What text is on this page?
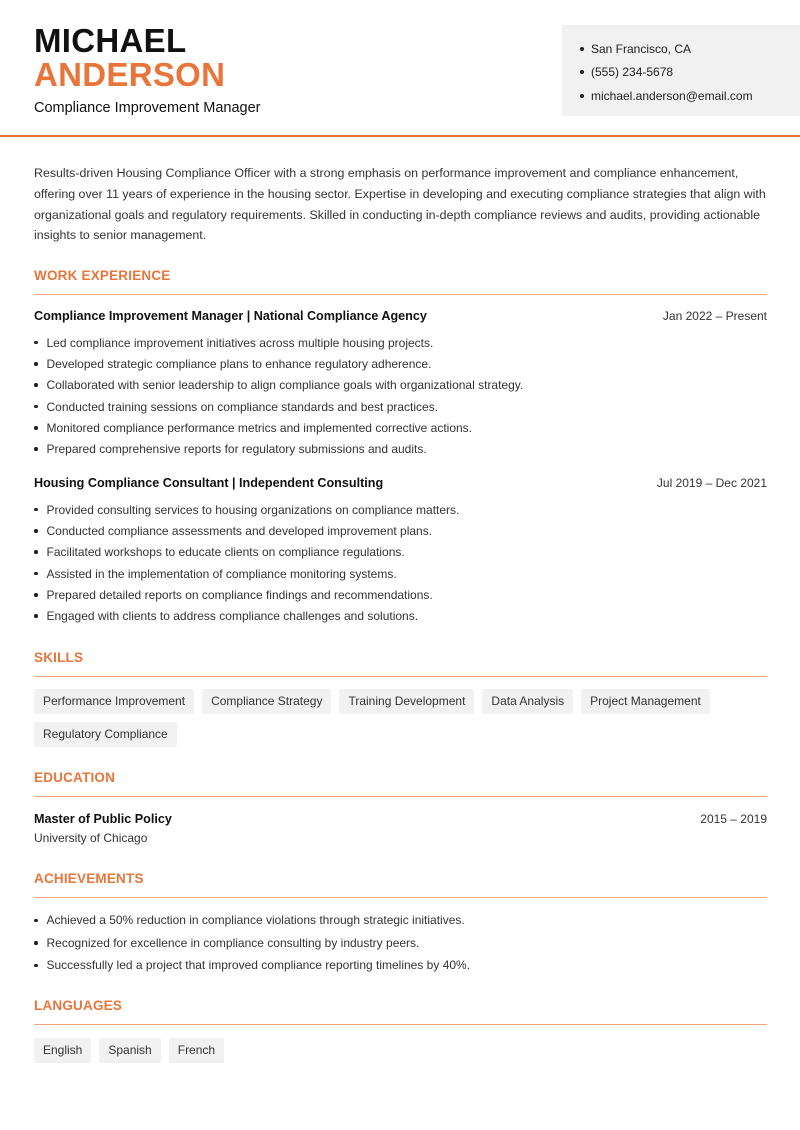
MICHAEL
ANDERSON
Compliance Improvement Manager
San Francisco, CA
(555) 234-5678
michael.anderson@email.com

Results-driven Housing Compliance Officer with a strong emphasis on performance improvement and compliance enhancement, offering over 11 years of experience in the housing sector. Expertise in developing and executing compliance strategies that align with organizational goals and regulatory requirements. Skilled in conducting in-depth compliance reviews and audits, providing actionable insights to senior management.

WORK EXPERIENCE
Compliance Improvement Manager | National Compliance Agency	Jan 2022 – Present
Led compliance improvement initiatives across multiple housing projects.
Developed strategic compliance plans to enhance regulatory adherence.
Collaborated with senior leadership to align compliance goals with organizational strategy.
Conducted training sessions on compliance standards and best practices.
Monitored compliance performance metrics and implemented corrective actions.
Prepared comprehensive reports for regulatory submissions and audits.
Housing Compliance Consultant | Independent Consulting	Jul 2019 – Dec 2021
Provided consulting services to housing organizations on compliance matters.
Conducted compliance assessments and developed improvement plans.
Facilitated workshops to educate clients on compliance regulations.
Assisted in the implementation of compliance monitoring systems.
Prepared detailed reports on compliance findings and recommendations.
Engaged with clients to address compliance challenges and solutions.
SKILLS
Performance Improvement	Compliance Strategy	Training Development	Data Analysis	Project Management
Regulatory Compliance
EDUCATION
Master of Public Policy	2015 – 2019
University of Chicago
ACHIEVEMENTS
Achieved a 50% reduction in compliance violations through strategic initiatives.
Recognized for excellence in compliance consulting by industry peers.
Successfully led a project that improved compliance reporting timelines by 40%.
LANGUAGES
English	Spanish	French
